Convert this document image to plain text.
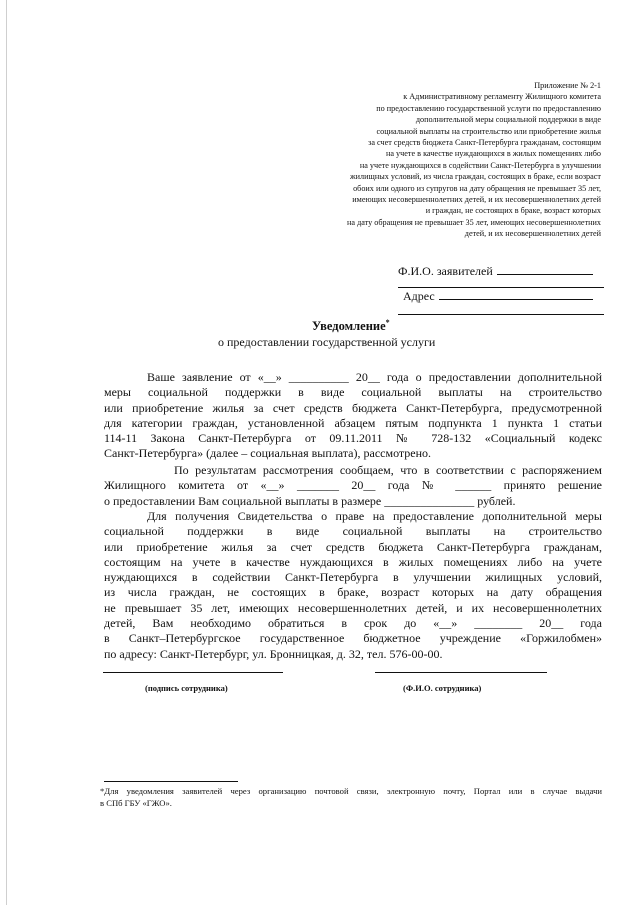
Приложение № 2-1
к Административному регламенту Жилищного комитета
по предоставлению государственной услуги по предоставлению
дополнительной меры социальной поддержки в виде
социальной выплаты на строительство или приобретение жилья
за счет средств бюджета Санкт-Петербурга гражданам, состоящим
на учете в качестве нуждающихся в жилых помещениях либо
на учете нуждающихся в содействии Санкт-Петербурга в улучшении
жилищных условий, из числа граждан, состоящих в браке, если возраст
обоих или одного из супругов на дату обращения не превышает 35 лет,
имеющих несовершеннолетних детей, и их несовершеннолетних детей
и граждан, не состоящих в браке, возраст которых
на дату обращения не превышает 35 лет, имеющих несовершеннолетних
детей, и их несовершеннолетних детей
Ф.И.О. заявителей
Адрес
Уведомление*
о предоставлении государственной услуги
Ваше заявление от «__» __________ 20__ года о предоставлении дополнительной
меры социальной поддержки в виде социальной выплаты на строительство
или приобретение жилья за счет средств бюджета Санкт-Петербурга, предусмотренной
для категории граждан, установленной абзацем пятым подпункта 1 пункта 1 статьи
114-11 Закона Санкт-Петербурга от 09.11.2011 № 728-132 «Социальный кодекс
Санкт-Петербурга» (далее – социальная выплата), рассмотрено.
По результатам рассмотрения сообщаем, что в соответствии с распоряжением
Жилищного комитета от «__» _______ 20__ года № ______ принято решение
о предоставлении Вам социальной выплаты в размере _______________ рублей.
Для получения Свидетельства о праве на предоставление дополнительной меры
социальной поддержки в виде социальной выплаты на строительство
или приобретение жилья за счет средств бюджета Санкт-Петербурга гражданам,
состоящим на учете в качестве нуждающихся в жилых помещениях либо на учете
нуждающихся в содействии Санкт-Петербурга в улучшении жилищных условий,
из числа граждан, не состоящих в браке, возраст которых на дату обращения
не превышает 35 лет, имеющих несовершеннолетних детей, и их несовершеннолетних
детей, Вам необходимо обратиться в срок до «__» ________ 20__ года
в Санкт–Петербургское государственное бюджетное учреждение «Горжилобмен»
по адресу: Санкт-Петербург, ул. Бронницкая, д. 32, тел. 576-00-00.
(подпись сотрудника)	(Ф.И.О. сотрудника)
*Для уведомления заявителей через организацию почтовой связи, электронную почту, Портал или в случае выдачи
в СПб ГБУ «ГЖО».
